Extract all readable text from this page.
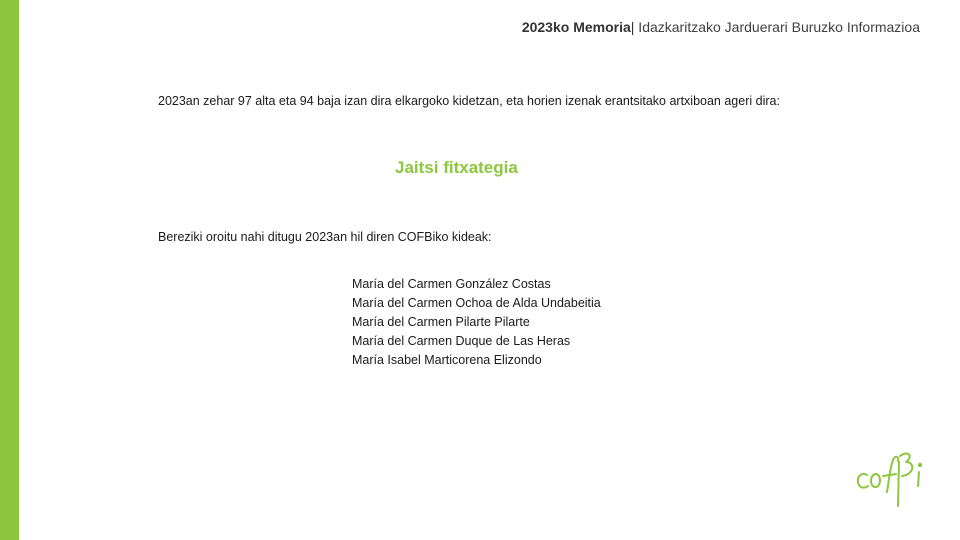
2023ko Memoria| Idazkaritzako Jarduerari Buruzko Informazioa
2023an zehar 97 alta eta 94 baja izan dira elkargoko kidetzan, eta horien izenak erantsitako artxiboan ageri dira:
Jaitsi fitxategia
Bereziki oroitu nahi ditugu 2023an hil diren COFBiko kideak:
María del Carmen González Costas
María del Carmen Ochoa de Alda Undabeitia
María del Carmen Pilarte Pilarte
María del Carmen Duque de Las Heras
María Isabel Marticorena Elizondo
